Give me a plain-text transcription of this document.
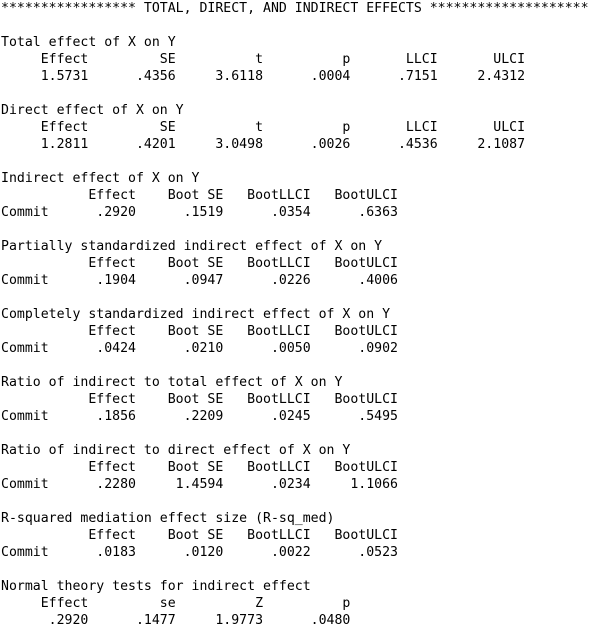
***************** TOTAL, DIRECT, AND INDIRECT EFFECTS ********************
Total effect of X on Y
Effect         SE          t          p       LLCI       ULCI
1.5731      .4356     3.6118      .0004      .7151     2.4312
Direct effect of X on Y
Effect         SE          t          p       LLCI       ULCI
1.2811      .4201     3.0498      .0026      .4536     2.1087
Indirect effect of X on Y
Effect    Boot SE   BootLLCI   BootULCI
Commit      .2920      .1519      .0354      .6363
Partially standardized indirect effect of X on Y
Effect    Boot SE   BootLLCI   BootULCI
Commit      .1904      .0947      .0226      .4006
Completely standardized indirect effect of X on Y
Effect    Boot SE   BootLLCI   BootULCI
Commit      .0424      .0210      .0050      .0902
Ratio of indirect to total effect of X on Y
Effect    Boot SE   BootLLCI   BootULCI
Commit      .1856      .2209      .0245      .5495
Ratio of indirect to direct effect of X on Y
Effect    Boot SE   BootLLCI   BootULCI
Commit      .2280     1.4594      .0234     1.1066
R-squared mediation effect size (R-sq_med)
Effect    Boot SE   BootLLCI   BootULCI
Commit      .0183      .0120      .0022      .0523
Normal theory tests for indirect effect
Effect         se          Z          p
.2920      .1477     1.9773      .0480
